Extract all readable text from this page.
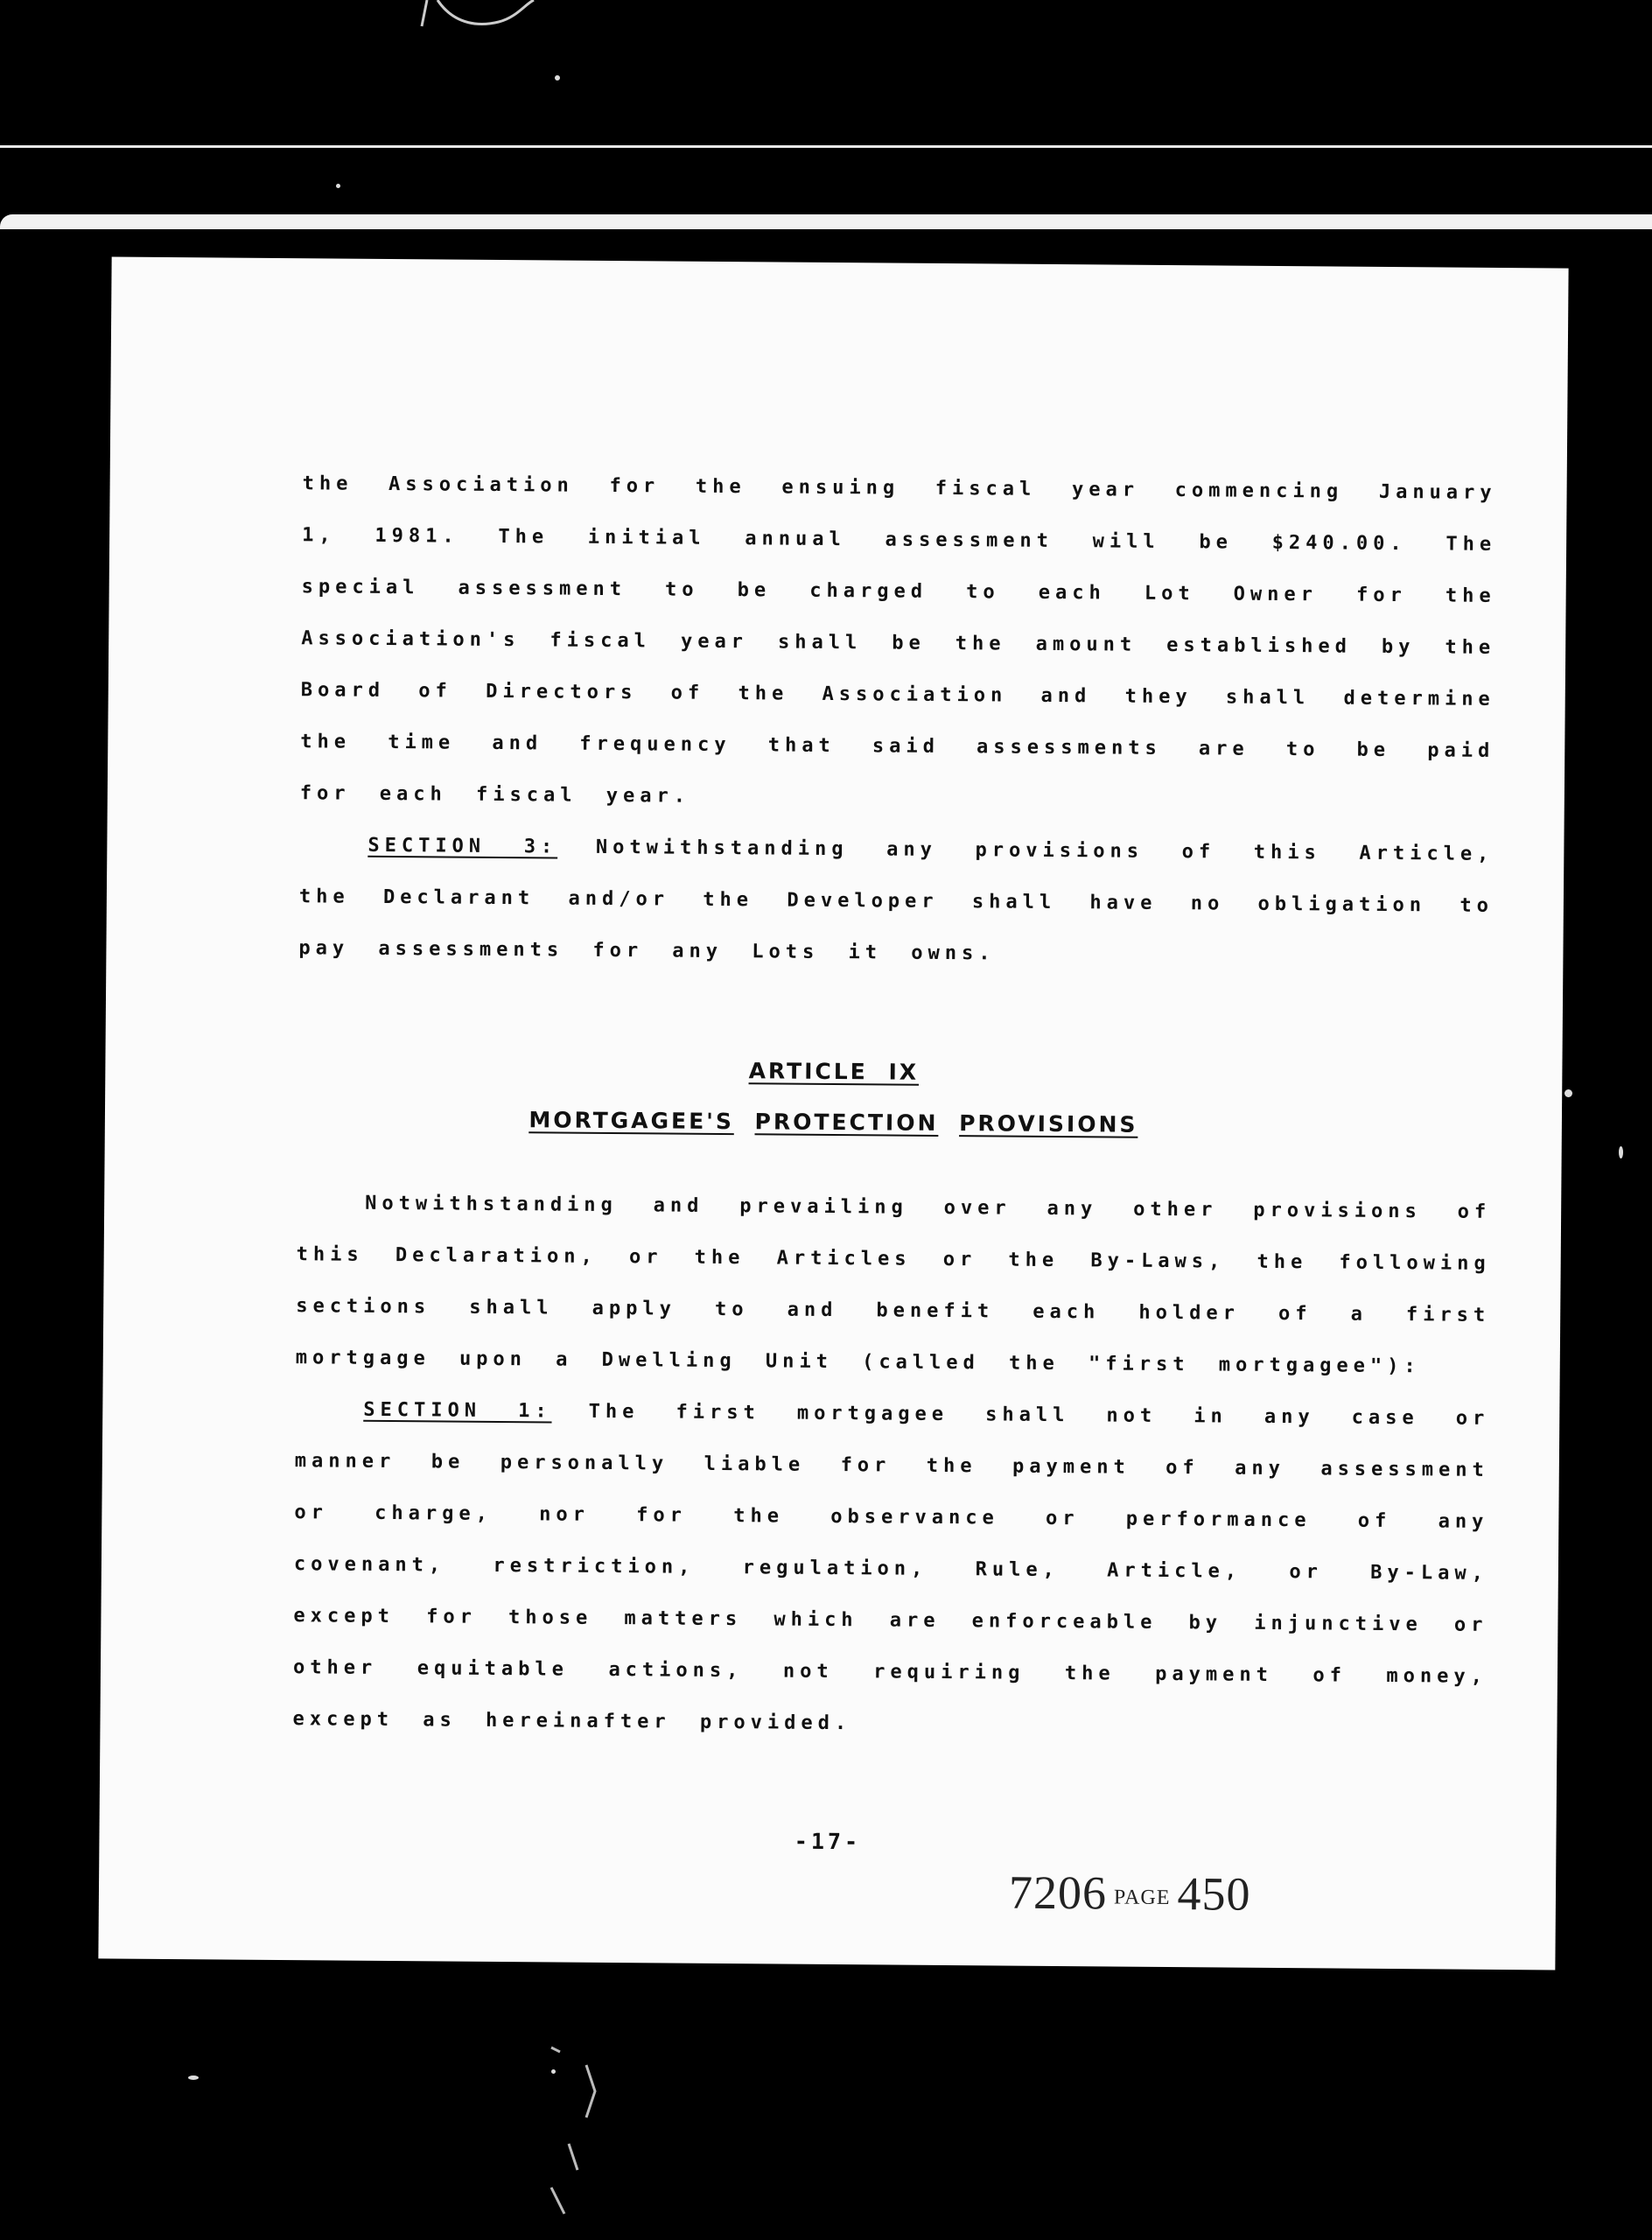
the Association for the ensuing fiscal year commencing January 1, 1981. The initial annual assessment will be $240.00. The special assessment to be charged to each Lot Owner for the Association's fiscal year shall be the amount established by the Board of Directors of the Association and they shall determine the time and frequency that said assessments are to be paid for each fiscal year.

SECTION 3: Notwithstanding any provisions of this Article, the Declarant and/or the Developer shall have no obligation to pay assessments for any Lots it owns.

ARTICLE IX
MORTGAGEE'S PROTECTION PROVISIONS

Notwithstanding and prevailing over any other provisions of this Declaration, or the Articles or the By-Laws, the following sections shall apply to and benefit each holder of a first mortgage upon a Dwelling Unit (called the "first mortgagee"):

SECTION 1: The first mortgagee shall not in any case or manner be personally liable for the payment of any assessment or charge, nor for the observance or performance of any covenant, restriction, regulation, Rule, Article, or By-Law, except for those matters which are enforceable by injunctive or other equitable actions, not requiring the payment of money, except as hereinafter provided.

-17-
7206 PAGE 450
